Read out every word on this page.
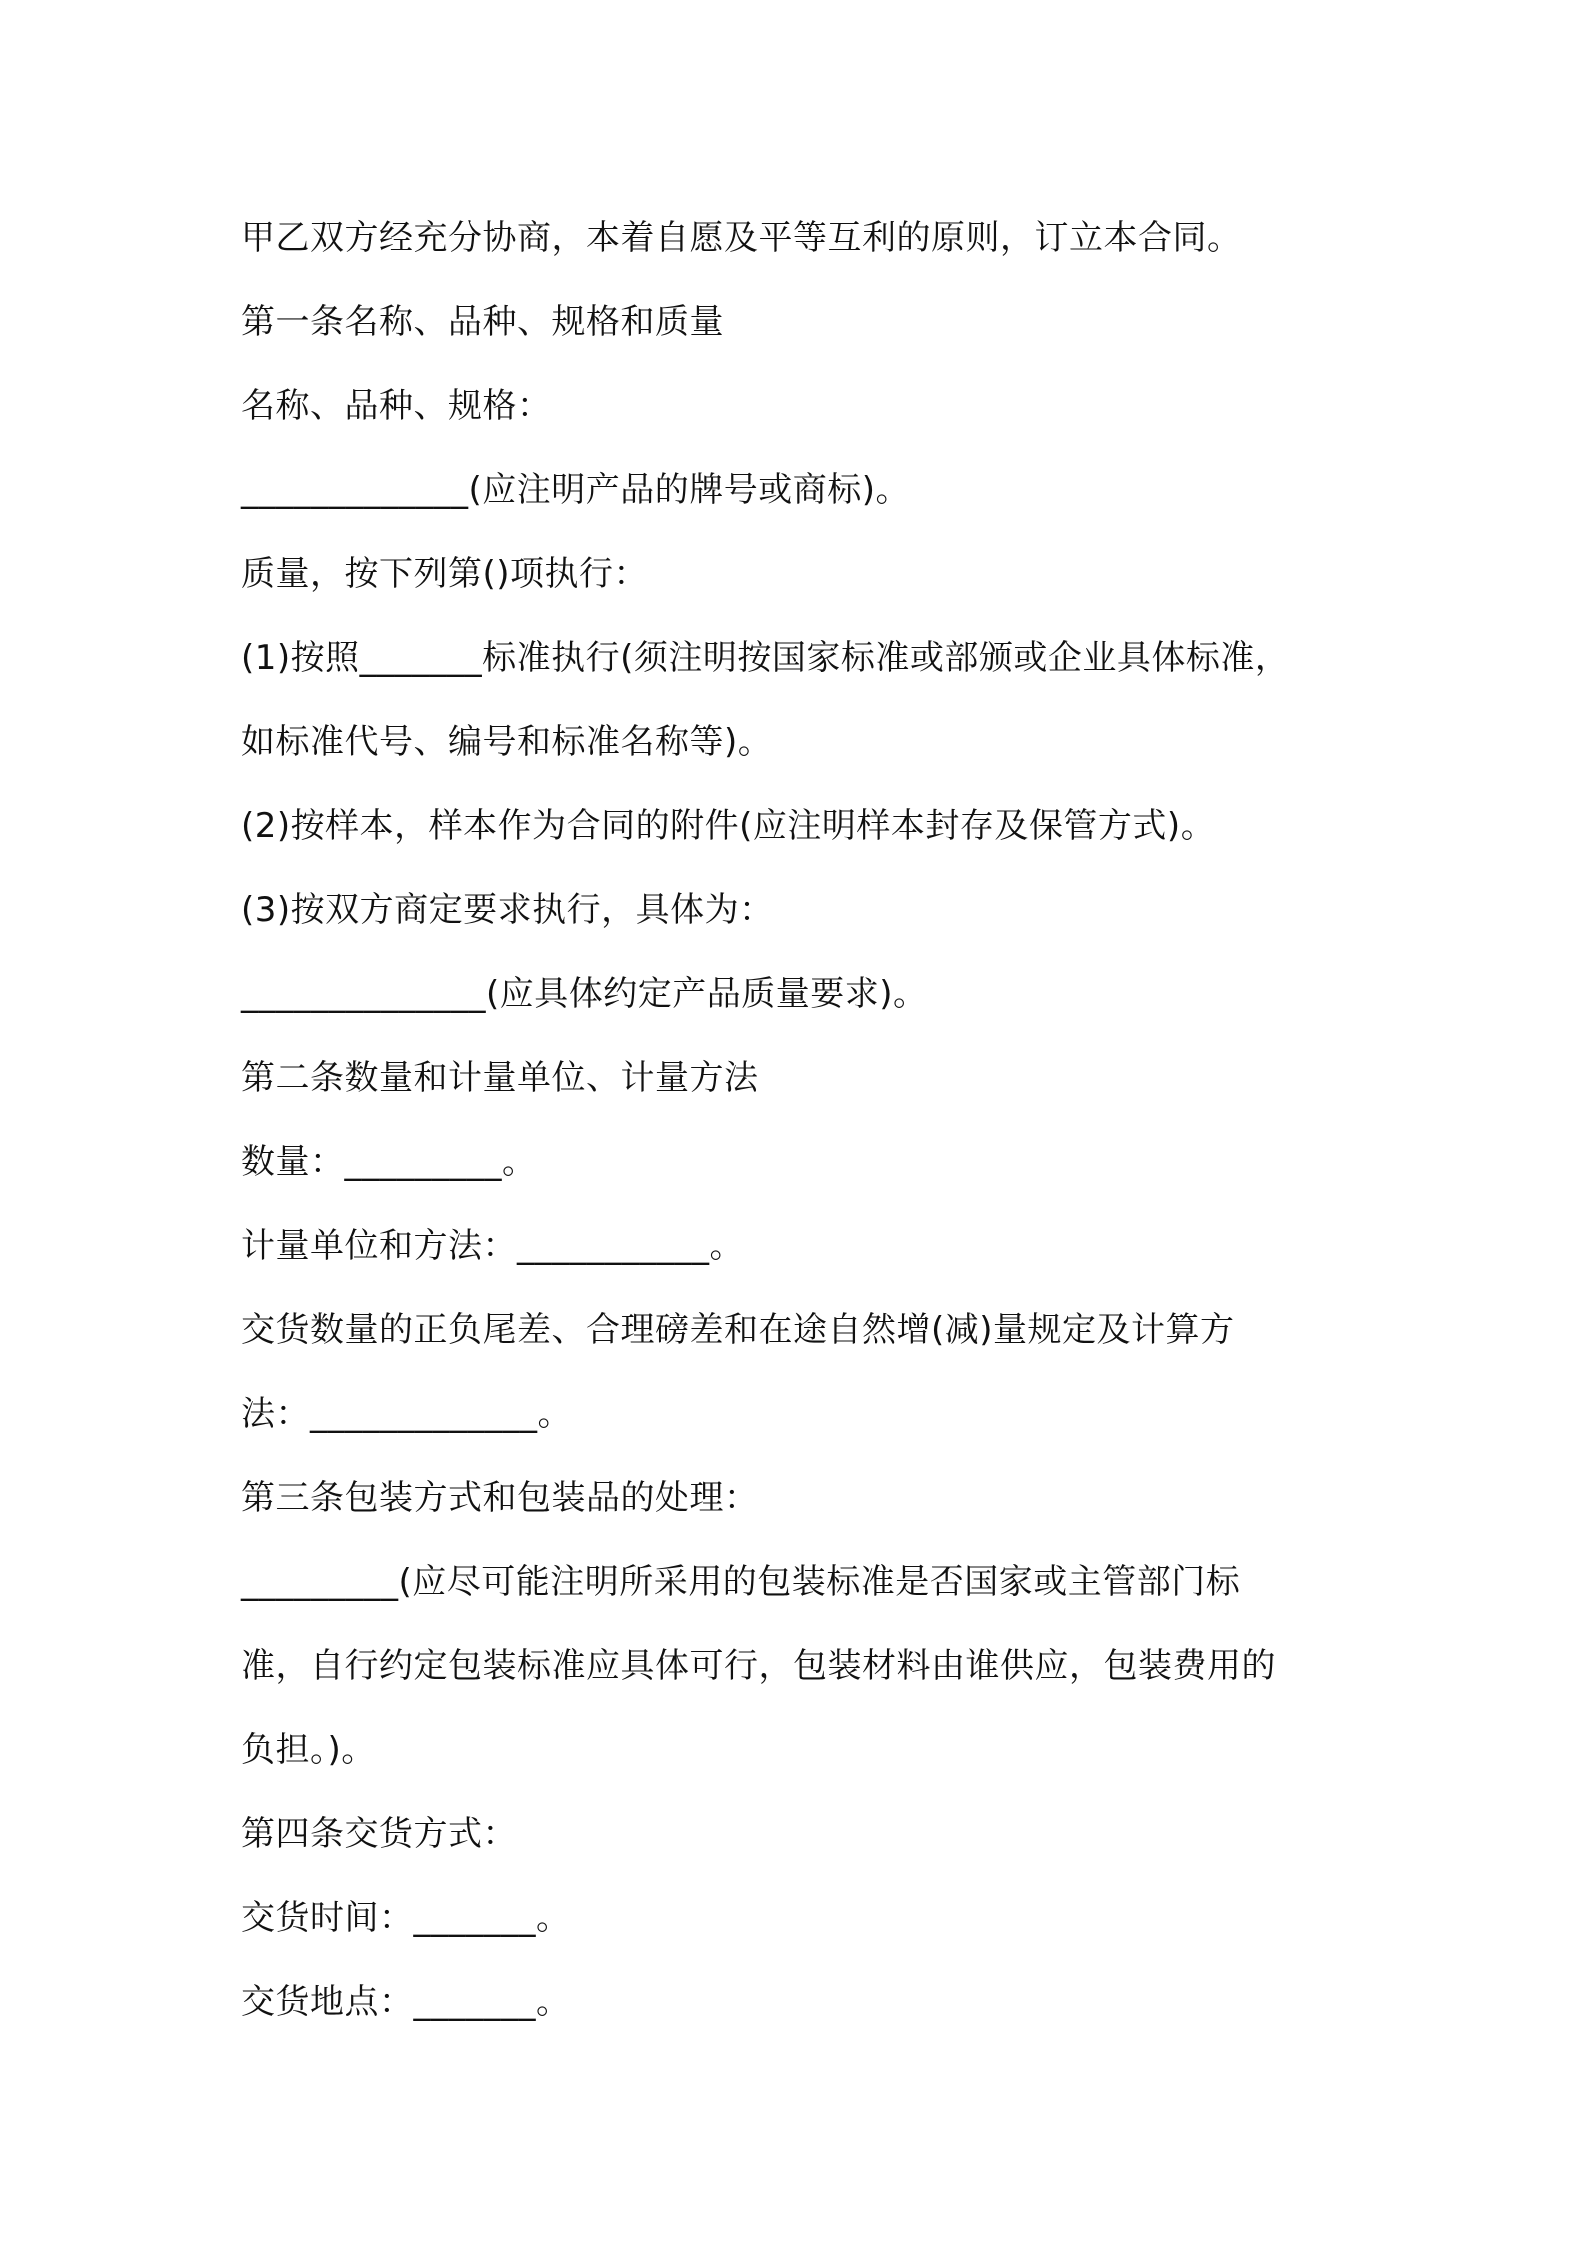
甲乙双方经充分协商，本着自愿及平等互利的原则，订立本合同。
第一条名称、品种、规格和质量
名称、品种、规格：
_____________(应注明产品的牌号或商标)。
质量，按下列第()项执行：
(1)按照_______标准执行(须注明按国家标准或部颁或企业具体标准，
如标准代号、编号和标准名称等)。
(2)按样本，样本作为合同的附件(应注明样本封存及保管方式)。
(3)按双方商定要求执行，具体为：
______________(应具体约定产品质量要求)。
第二条数量和计量单位、计量方法
数量：_________。
计量单位和方法：___________。
交货数量的正负尾差、合理磅差和在途自然增(减)量规定及计算方
法：_____________。
第三条包装方式和包装品的处理：
_________(应尽可能注明所采用的包装标准是否国家或主管部门标
准，自行约定包装标准应具体可行，包装材料由谁供应，包装费用的
负担。)。
第四条交货方式：
交货时间：_______。
交货地点：_______。
